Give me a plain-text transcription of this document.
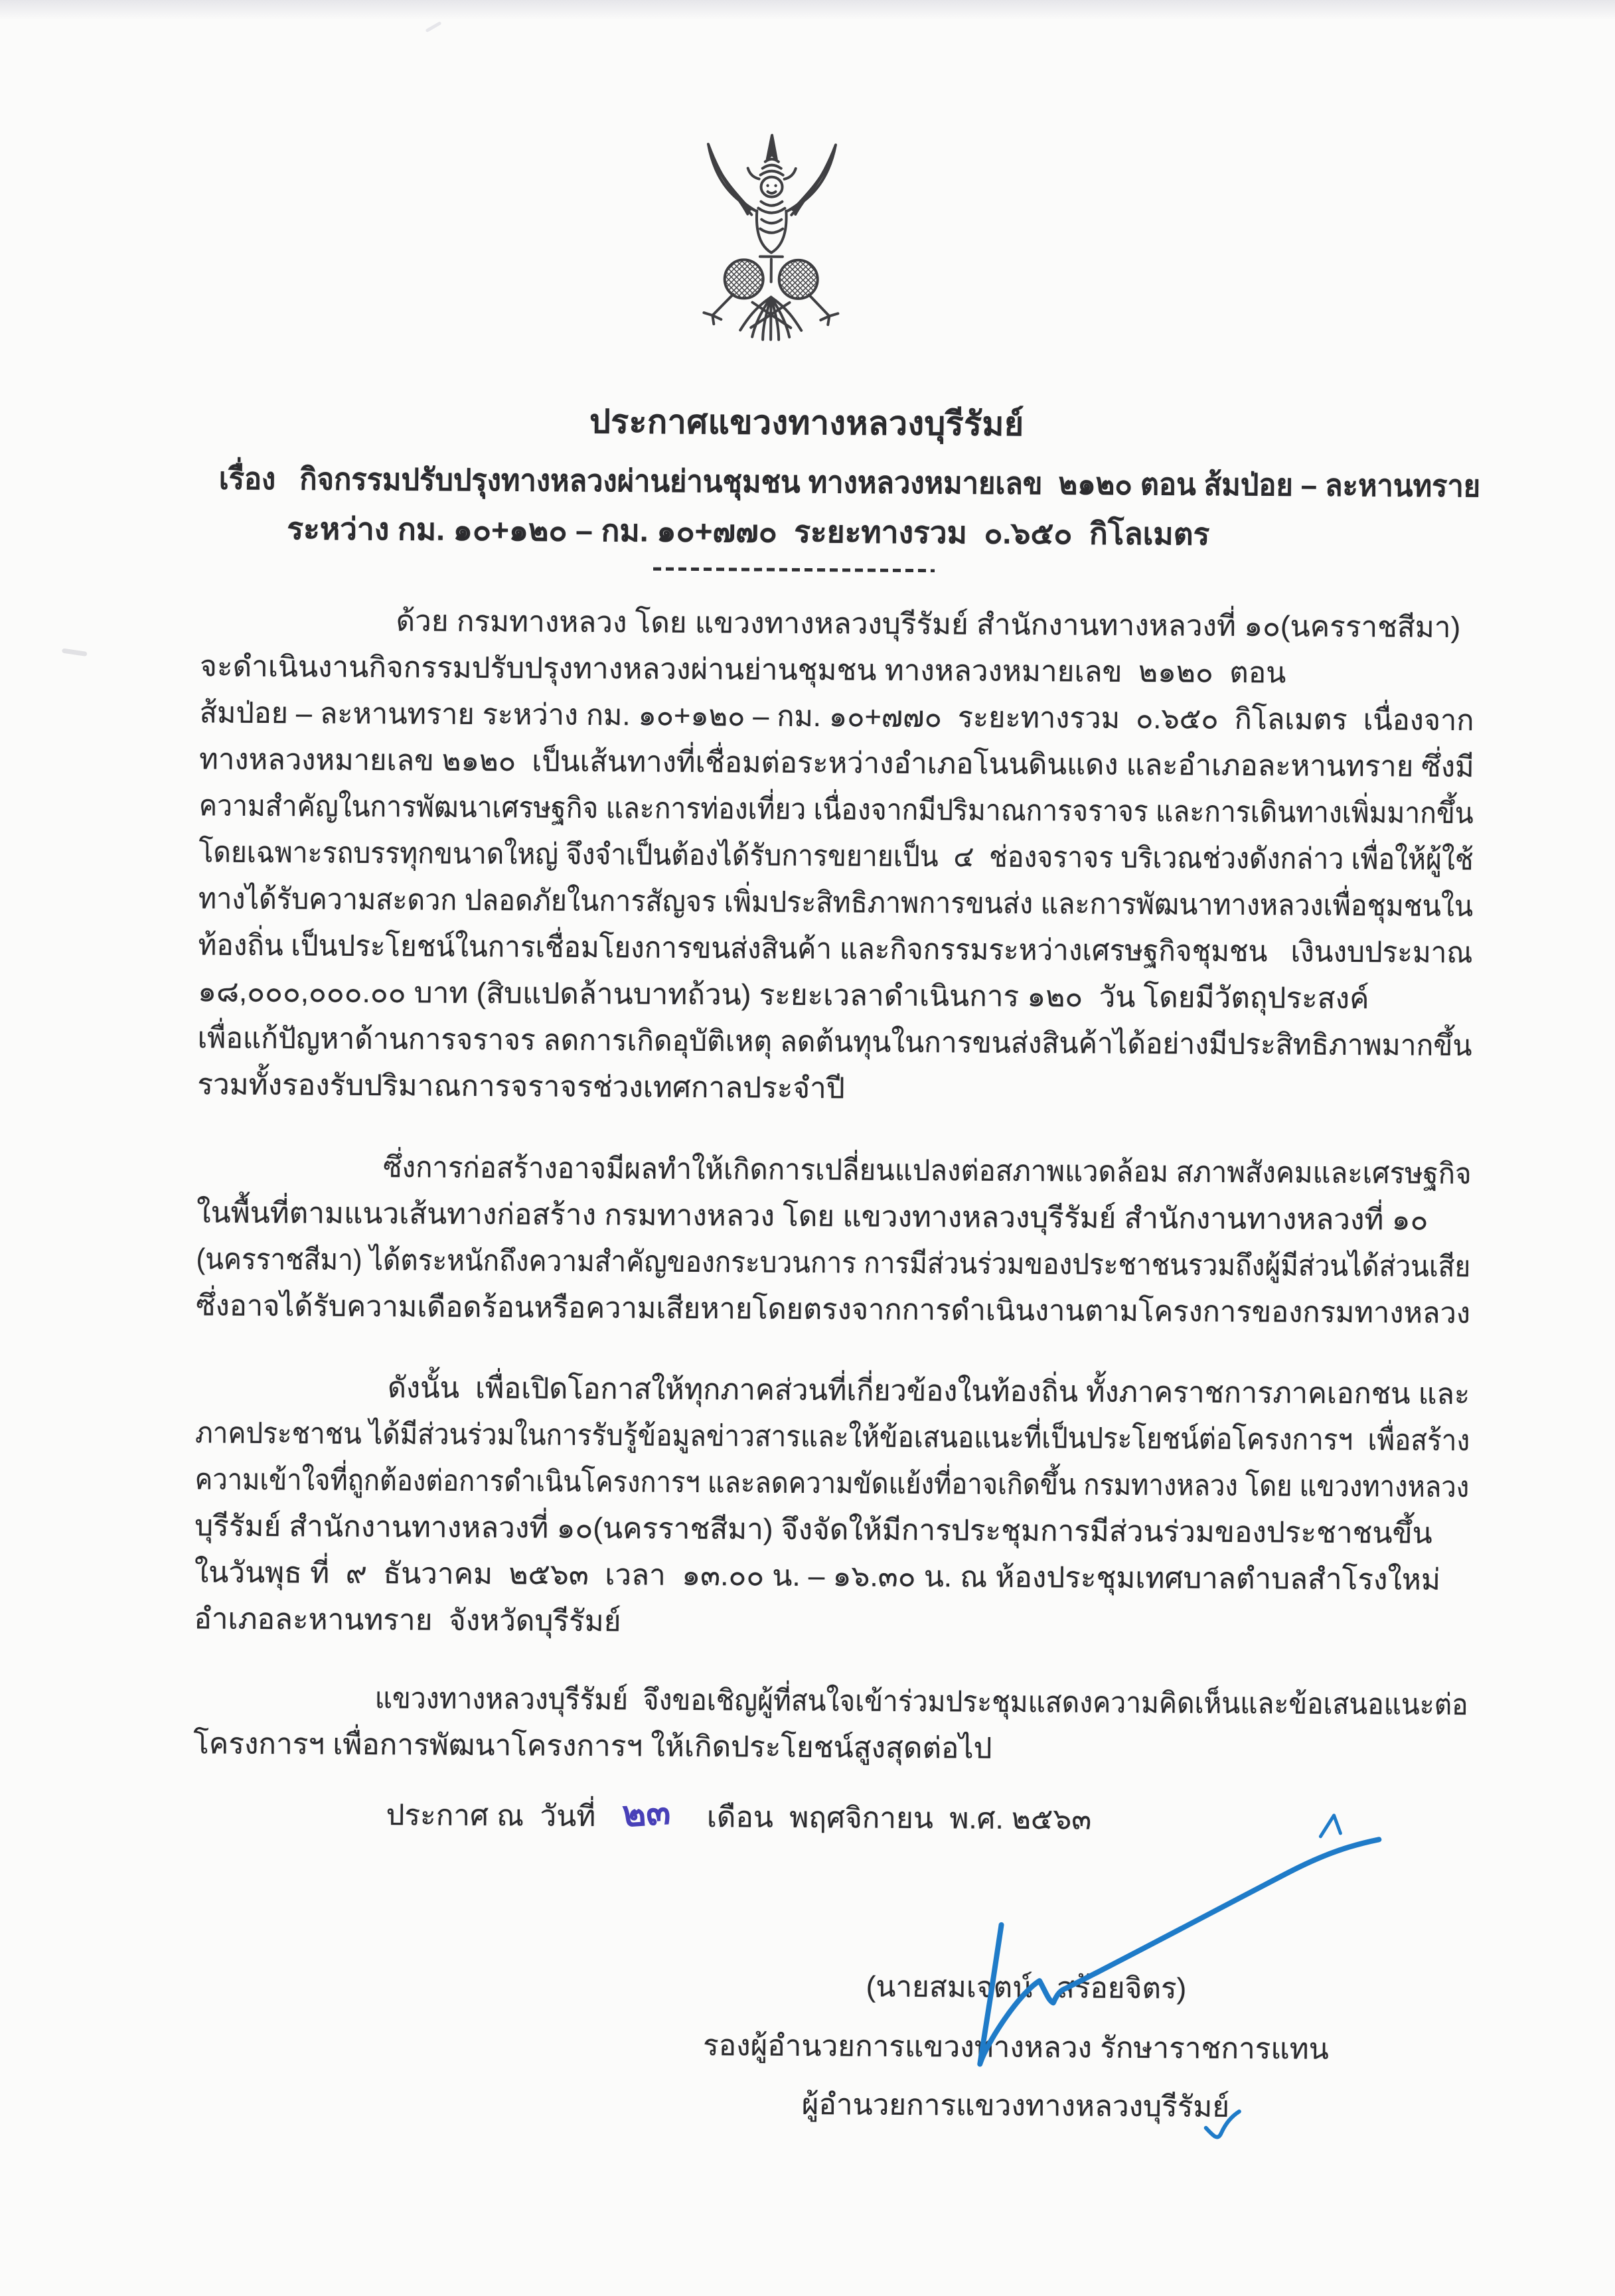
ประกาศแขวงทางหลวงบุรีรัมย์
เรื่อง   กิจกรรมปรับปรุงทางหลวงผ่านย่านชุมชน ทางหลวงหมายเลข  ๒๑๒๐ ตอน ส้มป่อย – ละหานทราย
ระหว่าง กม. ๑๐+๑๒๐ – กม. ๑๐+๗๗๐  ระยะทางรวม  ๐.๖๕๐  กิโลเมตร
ด้วย กรมทางหลวง โดย แขวงทางหลวงบุรีรัมย์ สำนักงานทางหลวงที่ ๑๐(นครราชสีมา)
จะดำเนินงานกิจกรรมปรับปรุงทางหลวงผ่านย่านชุมชน ทางหลวงหมายเลข  ๒๑๒๐  ตอน
ส้มป่อย – ละหานทราย ระหว่าง กม. ๑๐+๑๒๐ – กม. ๑๐+๗๗๐  ระยะทางรวม  ๐.๖๕๐  กิโลเมตร  เนื่องจาก
ทางหลวงหมายเลข ๒๑๒๐  เป็นเส้นทางที่เชื่อมต่อระหว่างอำเภอโนนดินแดง และอำเภอละหานทราย ซึ่งมี
ความสำคัญในการพัฒนาเศรษฐกิจ และการท่องเที่ยว เนื่องจากมีปริมาณการจราจร และการเดินทางเพิ่มมากขึ้น
โดยเฉพาะรถบรรทุกขนาดใหญ่ จึงจำเป็นต้องได้รับการขยายเป็น  ๔  ช่องจราจร บริเวณช่วงดังกล่าว เพื่อให้ผู้ใช้
ทางได้รับความสะดวก ปลอดภัยในการสัญจร เพิ่มประสิทธิภาพการขนส่ง และการพัฒนาทางหลวงเพื่อชุมชนใน
ท้องถิ่น เป็นประโยชน์ในการเชื่อมโยงการขนส่งสินค้า และกิจกรรมระหว่างเศรษฐกิจชุมชน   เงินงบประมาณ
๑๘,๐๐๐,๐๐๐.๐๐ บาท (สิบแปดล้านบาทถ้วน) ระยะเวลาดำเนินการ ๑๒๐  วัน โดยมีวัตถุประสงค์
เพื่อแก้ปัญหาด้านการจราจร ลดการเกิดอุบัติเหตุ ลดต้นทุนในการขนส่งสินค้าได้อย่างมีประสิทธิภาพมากขึ้น
รวมทั้งรองรับปริมาณการจราจรช่วงเทศกาลประจำปี
ซึ่งการก่อสร้างอาจมีผลทำให้เกิดการเปลี่ยนแปลงต่อสภาพแวดล้อม สภาพสังคมและเศรษฐกิจ
ในพื้นที่ตามแนวเส้นทางก่อสร้าง กรมทางหลวง โดย แขวงทางหลวงบุรีรัมย์ สำนักงานทางหลวงที่ ๑๐
(นครราชสีมา) ได้ตระหนักถึงความสำคัญของกระบวนการ การมีส่วนร่วมของประชาชนรวมถึงผู้มีส่วนได้ส่วนเสีย
ซึ่งอาจได้รับความเดือดร้อนหรือความเสียหายโดยตรงจากการดำเนินงานตามโครงการของกรมทางหลวง
ดังนั้น  เพื่อเปิดโอกาสให้ทุกภาคส่วนที่เกี่ยวข้องในท้องถิ่น ทั้งภาคราชการภาคเอกชน และ
ภาคประชาชน ได้มีส่วนร่วมในการรับรู้ข้อมูลข่าวสารและให้ข้อเสนอแนะที่เป็นประโยชน์ต่อโครงการฯ  เพื่อสร้าง
ความเข้าใจที่ถูกต้องต่อการดำเนินโครงการฯ และลดความขัดแย้งที่อาจเกิดขึ้น กรมทางหลวง โดย แขวงทางหลวง
บุรีรัมย์ สำนักงานทางหลวงที่ ๑๐(นครราชสีมา) จึงจัดให้มีการประชุมการมีส่วนร่วมของประชาชนขึ้น
ในวันพุธ ที่  ๙  ธันวาคม  ๒๕๖๓  เวลา  ๑๓.๐๐ น. – ๑๖.๓๐ น. ณ ห้องประชุมเทศบาลตำบลสำโรงใหม่
อำเภอละหานทราย  จังหวัดบุรีรัมย์
แขวงทางหลวงบุรีรัมย์  จึงขอเชิญผู้ที่สนใจเข้าร่วมประชุมแสดงความคิดเห็นและข้อเสนอแนะต่อ
โครงการฯ เพื่อการพัฒนาโครงการฯ ให้เกิดประโยชน์สูงสุดต่อไป
ประกาศ ณ  วันที่ ๒๓ เดือน  พฤศจิกายน  พ.ศ. ๒๕๖๓
(นายสมเจตน์   สร้อยจิตร)
รองผู้อำนวยการแขวงทางหลวง รักษาราชการแทน
ผู้อำนวยการแขวงทางหลวงบุรีรัมย์
